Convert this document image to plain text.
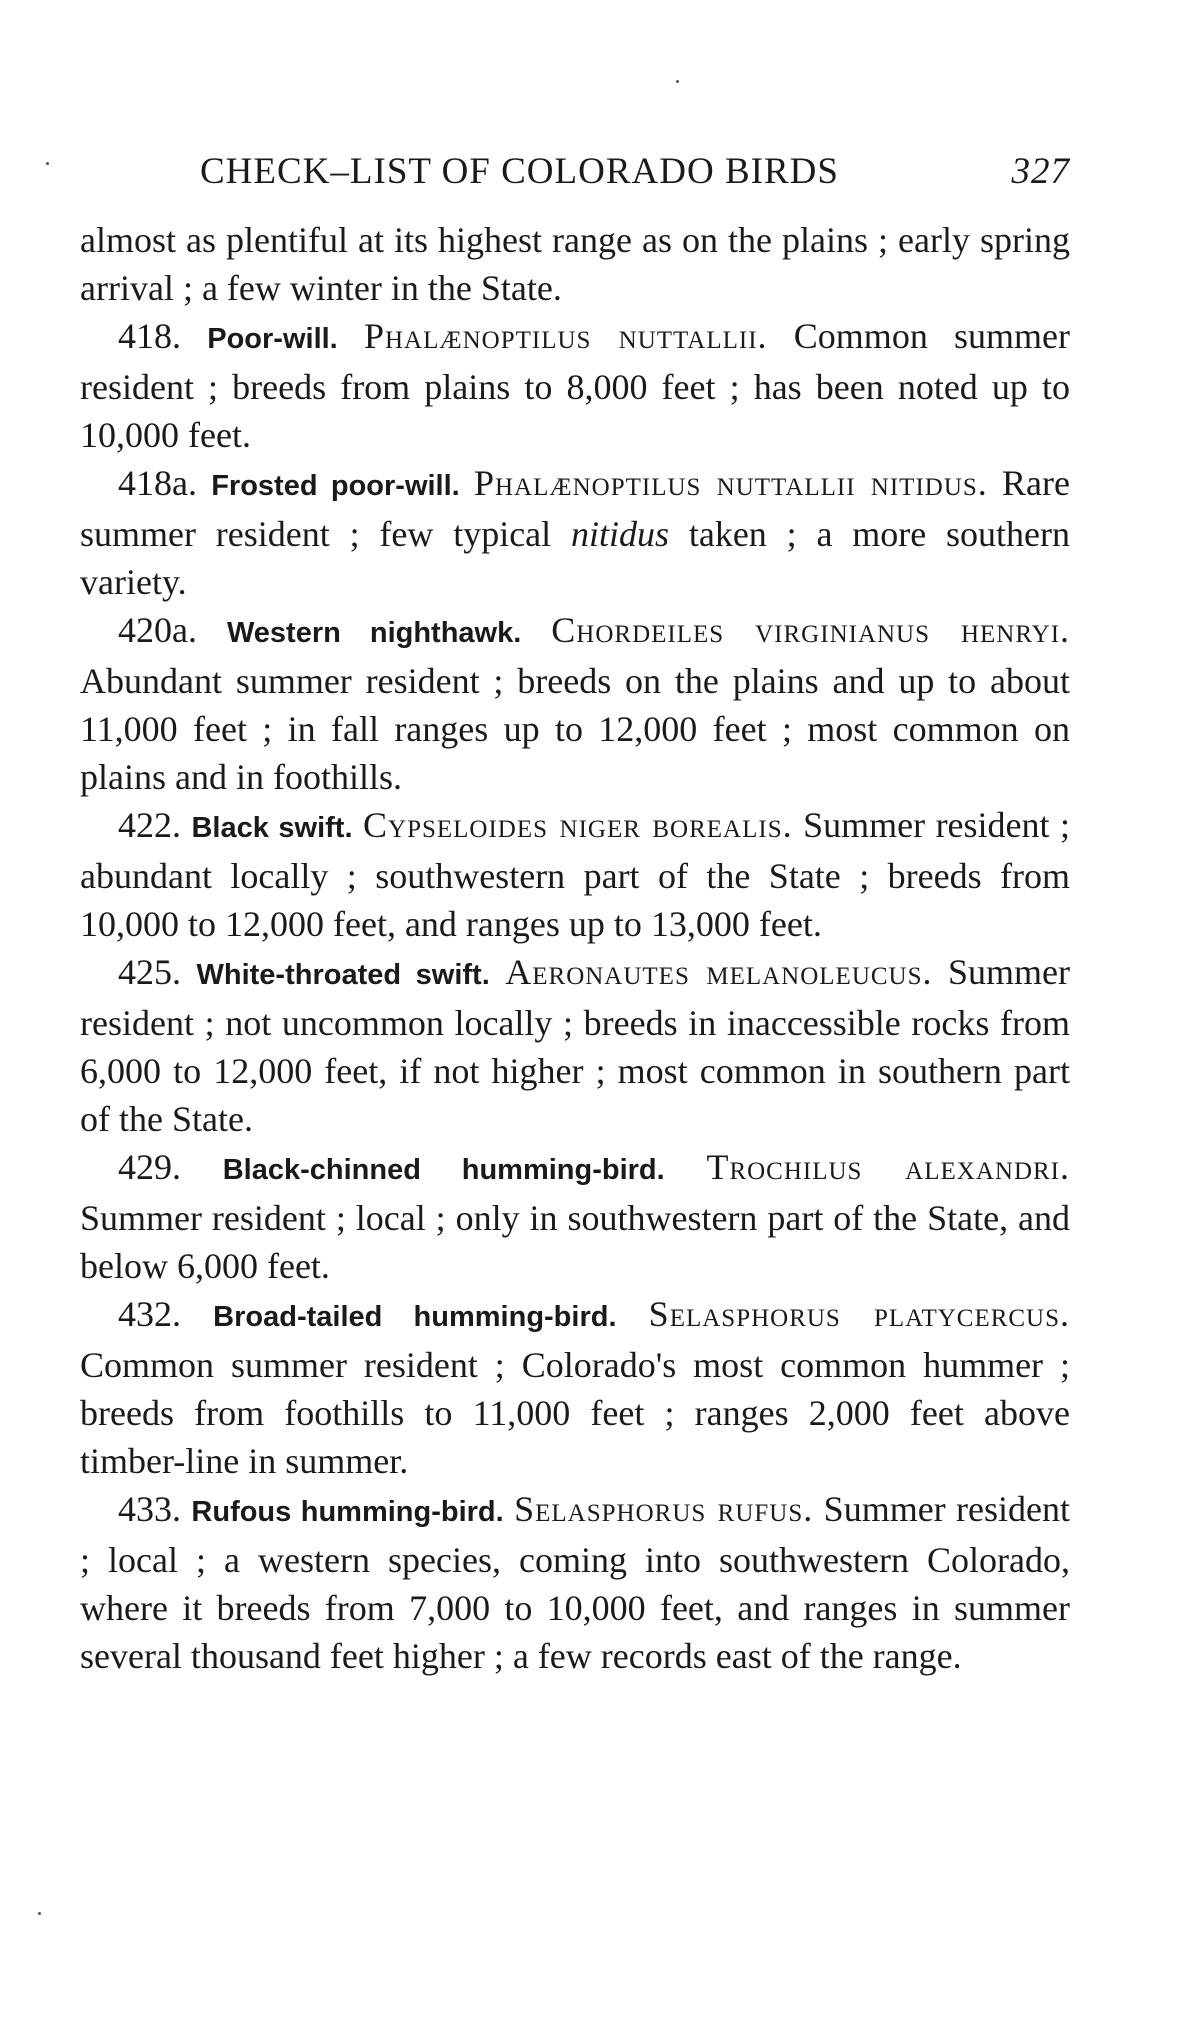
CHECK–LIST OF COLORADO BIRDS	327

almost as plentiful at its highest range as on the plains ; early spring arrival ; a few winter in the State.

418. Poor-will. Phalænoptilus nuttallii. Common summer resident ; breeds from plains to 8,000 feet ; has been noted up to 10,000 feet.

418a. Frosted poor-will. Phalænoptilus nuttallii nitidus. Rare summer resident ; few typical nitidus taken ; a more southern variety.

420a. Western nighthawk. Chordeiles virginianus henryi. Abundant summer resident ; breeds on the plains and up to about 11,000 feet ; in fall ranges up to 12,000 feet ; most common on plains and in foothills.

422. Black swift. Cypseloides niger borealis. Summer resident ; abundant locally ; southwestern part of the State ; breeds from 10,000 to 12,000 feet, and ranges up to 13,000 feet.

425. White-throated swift. Aeronautes melanoleucus. Summer resident ; not uncommon locally ; breeds in inaccessible rocks from 6,000 to 12,000 feet, if not higher ; most common in southern part of the State.

429. Black-chinned humming-bird. Trochilus alexandri. Summer resident ; local ; only in southwestern part of the State, and below 6,000 feet.

432. Broad-tailed humming-bird. Selasphorus platycercus. Common summer resident ; Colorado's most common hummer ; breeds from foothills to 11,000 feet ; ranges 2,000 feet above timber-line in summer.

433. Rufous humming-bird. Selasphorus rufus. Summer resident ; local ; a western species, coming into southwestern Colorado, where it breeds from 7,000 to 10,000 feet, and ranges in summer several thousand feet higher ; a few records east of the range.
